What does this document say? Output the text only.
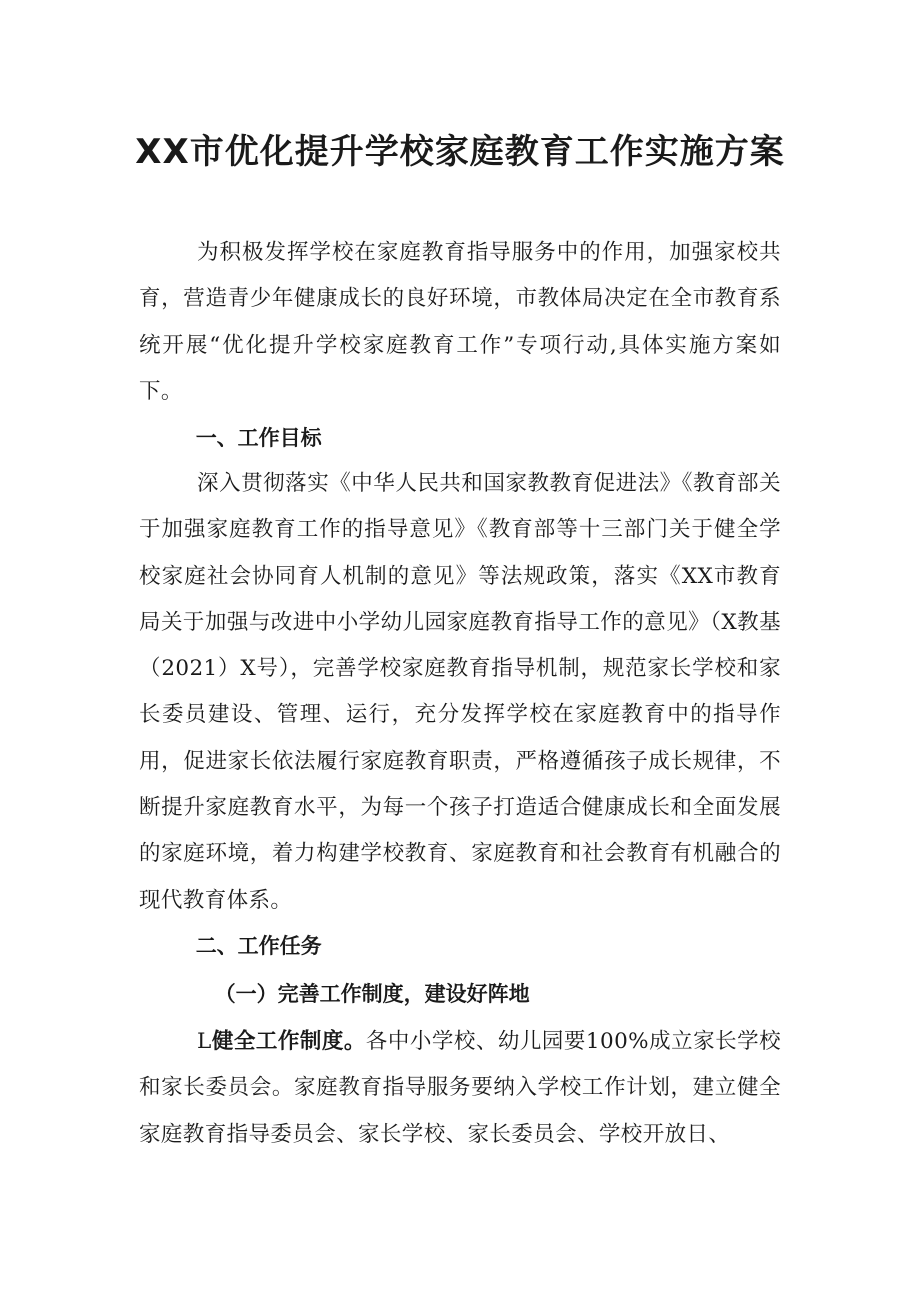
XX市优化提升学校家庭教育工作实施方案

为积极发挥学校在家庭教育指导服务中的作用，加强家校共育，营造青少年健康成长的良好环境，市教体局决定在全市教育系统开展“优化提升学校家庭教育工作”专项行动,具体实施方案如下。

一、工作目标

深入贯彻落实《中华人民共和国家教教育促进法》《教育部关于加强家庭教育工作的指导意见》《教育部等十三部门关于健全学校家庭社会协同育人机制的意见》等法规政策，落实《XX市教育局关于加强与改进中小学幼儿园家庭教育指导工作的意见》（X教基（2021）X号），完善学校家庭教育指导机制，规范家长学校和家长委员建设、管理、运行，充分发挥学校在家庭教育中的指导作用，促进家长依法履行家庭教育职责，严格遵循孩子成长规律，不断提升家庭教育水平，为每一个孩子打造适合健康成长和全面发展的家庭环境，着力构建学校教育、家庭教育和社会教育有机融合的现代教育体系。

二、工作任务

（一）完善工作制度，建设好阵地

L健全工作制度。各中小学校、幼儿园要100%成立家长学校和家长委员会。家庭教育指导服务要纳入学校工作计划，建立健全家庭教育指导委员会、家长学校、家长委员会、学校开放日、
